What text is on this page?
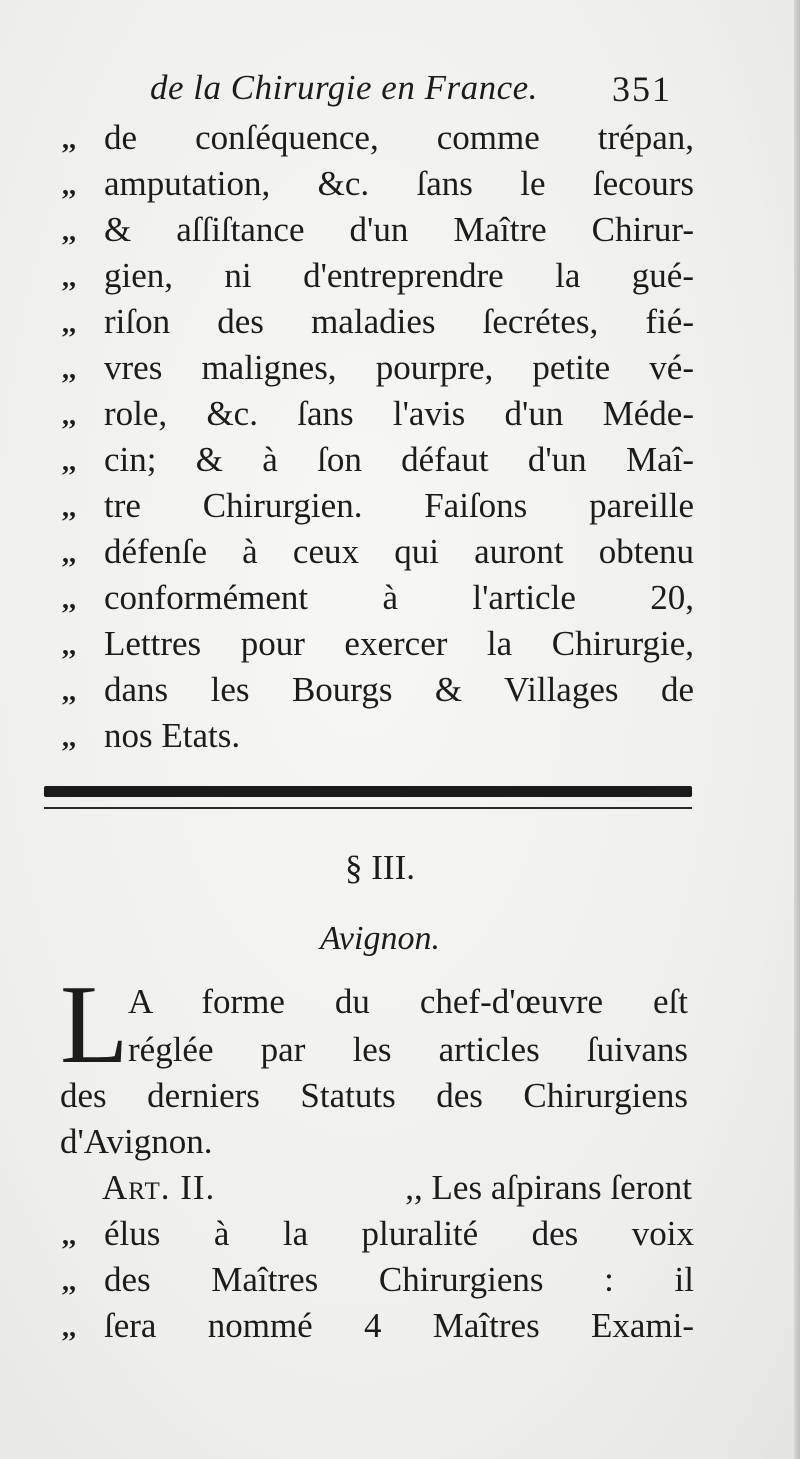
de la Chirurgie en France. 351
,, de conſéquence, comme trépan,
,, amputation, &c. ſans le ſecours
,, & aſſiſtance d'un Maître Chirur-
,, gien, ni d'entreprendre la gué-
,, riſon des maladies ſecrétes, fié-
,, vres malignes, pourpre, petite vé-
,, role, &c. ſans l'avis d'un Méde-
,, cin; & à ſon défaut d'un Maî-
,, tre Chirurgien. Faiſons pareille
,, défenſe à ceux qui auront obtenu
,, conformément à l'article 20,
,, Lettres pour exercer la Chirurgie,
,, dans les Bourgs & Villages de
,, nos Etats.
§ III.
Avignon.
L A forme du chef-d'œuvre eſt
réglée par les articles ſuivans
des derniers Statuts des Chirurgiens
d'Avignon.
Art. II.	,, Les aſpirans ſeront
,, élus à la pluralité des voix
,, des Maîtres Chirurgiens : il
,, ſera nommé 4 Maîtres Exami-
